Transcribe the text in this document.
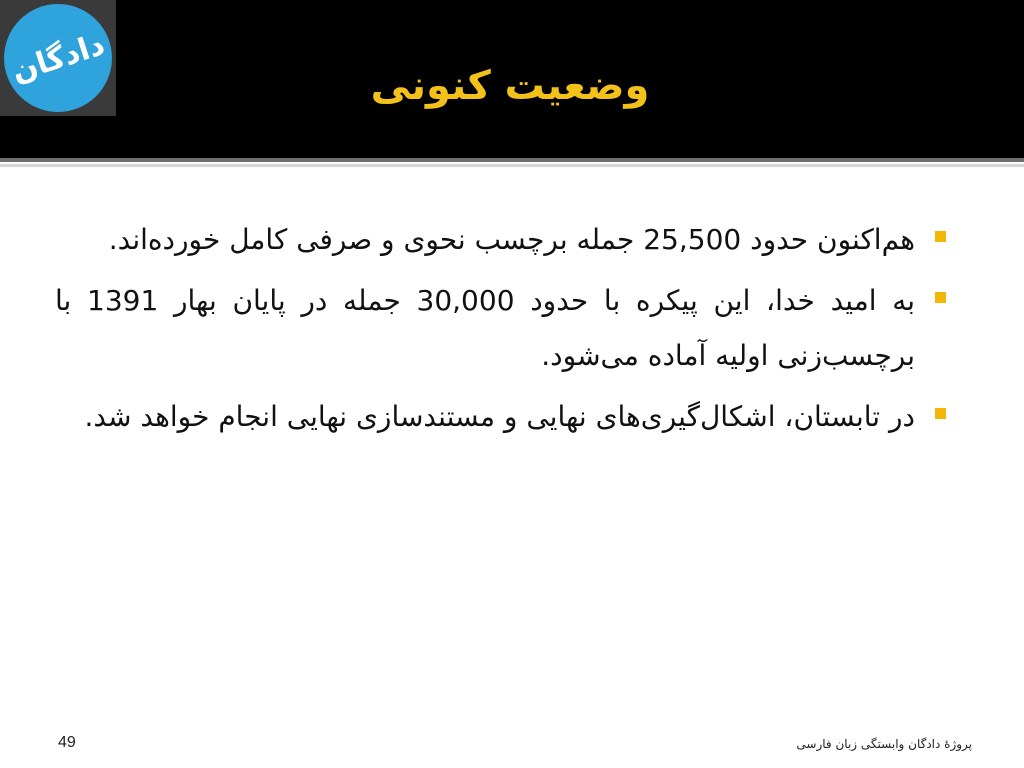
دادگان	وضعیت کنونی
هم‌اکنون حدود 25,500 جمله برچسب نحوی و صرفی کامل خورده‌اند.
به امید خدا، این پیکره با حدود 30,000 جمله در پایان بهار 1391 با برچسب‌زنی اولیه آماده می‌شود.
در تابستان، اشکال‌گیری‌های نهایی و مستندسازی نهایی انجام خواهد شد.
49	پروژهٔ دادگان وابستگی زبان فارسی
